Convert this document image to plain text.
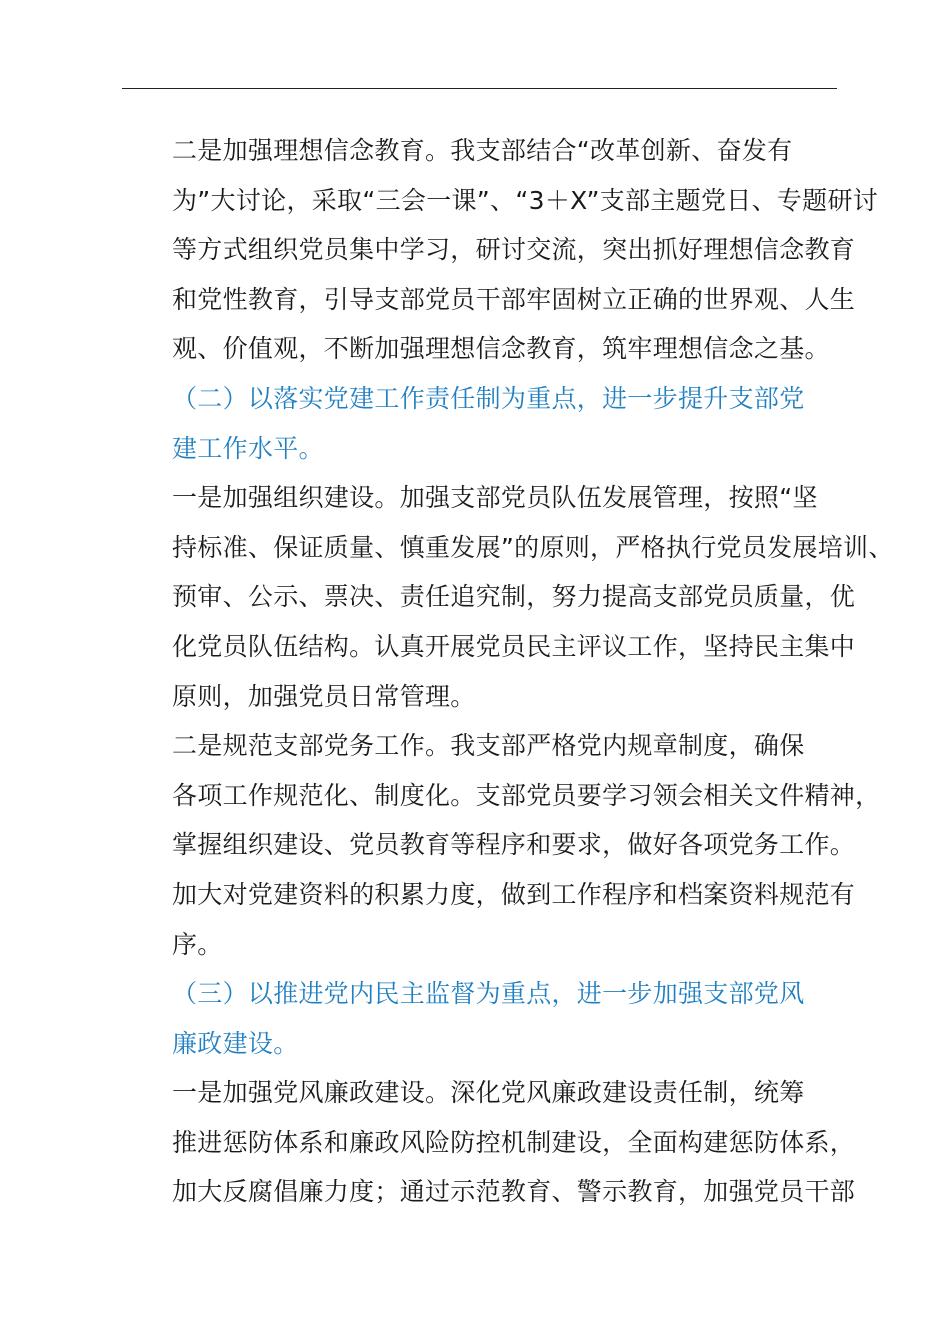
二是加强理想信念教育。我支部结合“改革创新、奋发有
为”大讨论，采取“三会一课”、“3＋X”支部主题党日、专题研讨
等方式组织党员集中学习，研讨交流，突出抓好理想信念教育
和党性教育，引导支部党员干部牢固树立正确的世界观、人生
观、价值观，不断加强理想信念教育，筑牢理想信念之基。

（二）以落实党建工作责任制为重点，进一步提升支部党
建工作水平。

一是加强组织建设。加强支部党员队伍发展管理，按照“坚
持标准、保证质量、慎重发展”的原则，严格执行党员发展培训、
预审、公示、票决、责任追究制，努力提高支部党员质量，优
化党员队伍结构。认真开展党员民主评议工作，坚持民主集中
原则，加强党员日常管理。

二是规范支部党务工作。我支部严格党内规章制度，确保
各项工作规范化、制度化。支部党员要学习领会相关文件精神，
掌握组织建设、党员教育等程序和要求，做好各项党务工作。
加大对党建资料的积累力度，做到工作程序和档案资料规范有
序。

（三）以推进党内民主监督为重点，进一步加强支部党风
廉政建设。

一是加强党风廉政建设。深化党风廉政建设责任制，统筹
推进惩防体系和廉政风险防控机制建设，全面构建惩防体系，
加大反腐倡廉力度；通过示范教育、警示教育，加强党员干部
